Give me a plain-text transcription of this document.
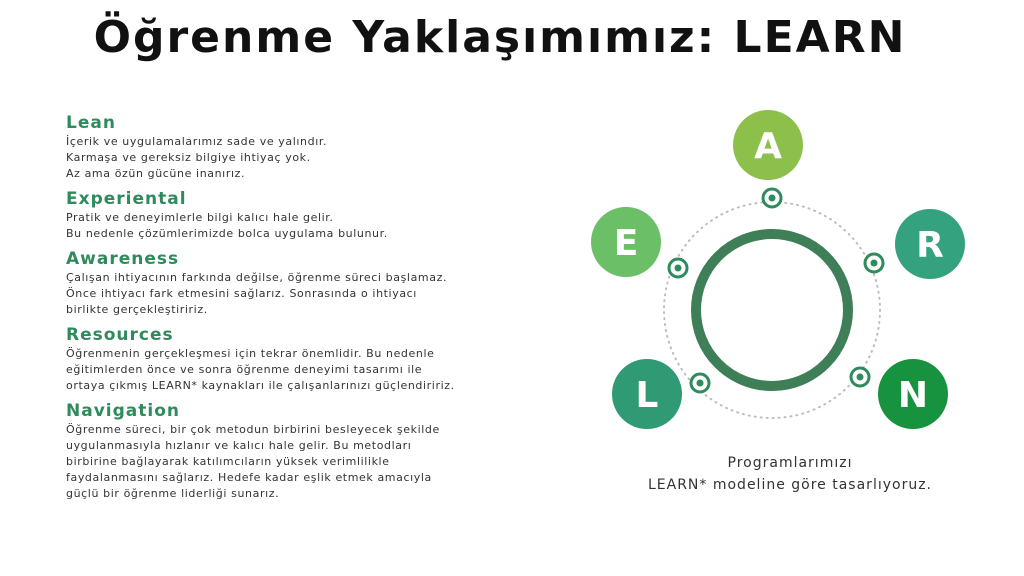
Öğrenme Yaklaşımımız: LEARN
Lean

İçerik ve uygulamalarımız sade ve yalındır.

Karmaşa ve gereksiz bilgiye ihtiyaç yok.

Az ama özün gücüne inanırız.

Experiental

Pratik ve deneyimlerle bilgi kalıcı hale gelir.

Bu nedenle çözümlerimizde bolca uygulama bulunur.

Awareness

Çalışan ihtiyacının farkında değilse, öğrenme süreci başlamaz.

Önce ihtiyacı fark etmesini sağlarız. Sonrasında o ihtiyacı

birlikte gerçekleştiririz.

Resources

Öğrenmenin gerçekleşmesi için tekrar önemlidir. Bu nedenle

eğitimlerden önce ve sonra öğrenme deneyimi tasarımı ile

ortaya çıkmış LEARN* kaynakları ile çalışanlarınızı güçlendiririz.

Navigation

Öğrenme süreci, bir çok metodun birbirini besleyecek şekilde

uygulanmasıyla hızlanır ve kalıcı hale gelir. Bu metodları

birbirine bağlayarak katılımcıların yüksek verimlilikle

faydalanmasını sağlarız. Hedefe kadar eşlik etmek amacıyla

güçlü bir öğrenme liderliği sunarız.

A
R
N
L
E
Programlarımızı
LEARN* modeline göre tasarlıyoruz.
